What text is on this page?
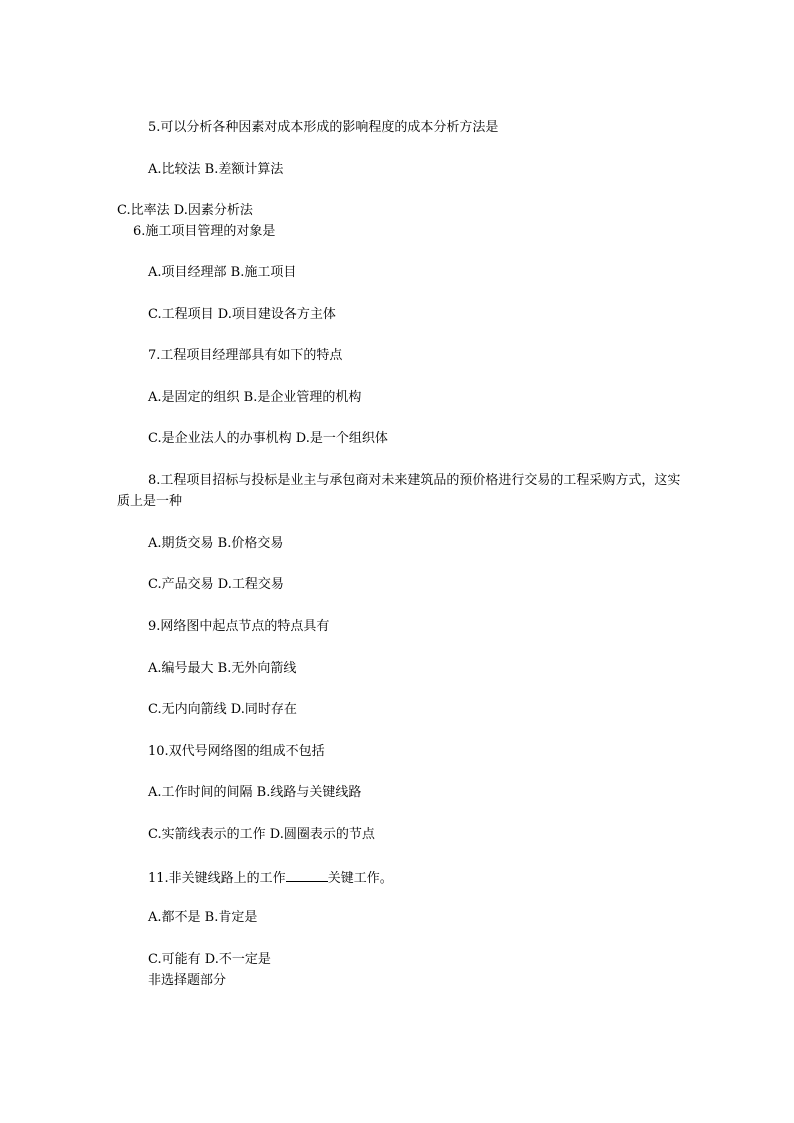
5.可以分析各种因素对成本形成的影响程度的成本分析方法是

A.比较法 B.差额计算法

C.比率法 D.因素分析法

6.施工项目管理的对象是

A.项目经理部 B.施工项目

C.工程项目 D.项目建设各方主体

7.工程项目经理部具有如下的特点

A.是固定的组织 B.是企业管理的机构

C.是企业法人的办事机构 D.是一个组织体

8.工程项目招标与投标是业主与承包商对未来建筑品的预价格进行交易的工程采购方式，这实质上是一种

A.期货交易 B.价格交易

C.产品交易 D.工程交易

9.网络图中起点节点的特点具有

A.编号最大 B.无外向箭线

C.无内向箭线 D.同时存在

10.双代号网络图的组成不包括

A.工作时间的间隔 B.线路与关键线路

C.实箭线表示的工作 D.圆圈表示的节点

11.非关键线路上的工作	关键工作。

A.都不是 B.肯定是

C.可能有 D.不一定是

非选择题部分
